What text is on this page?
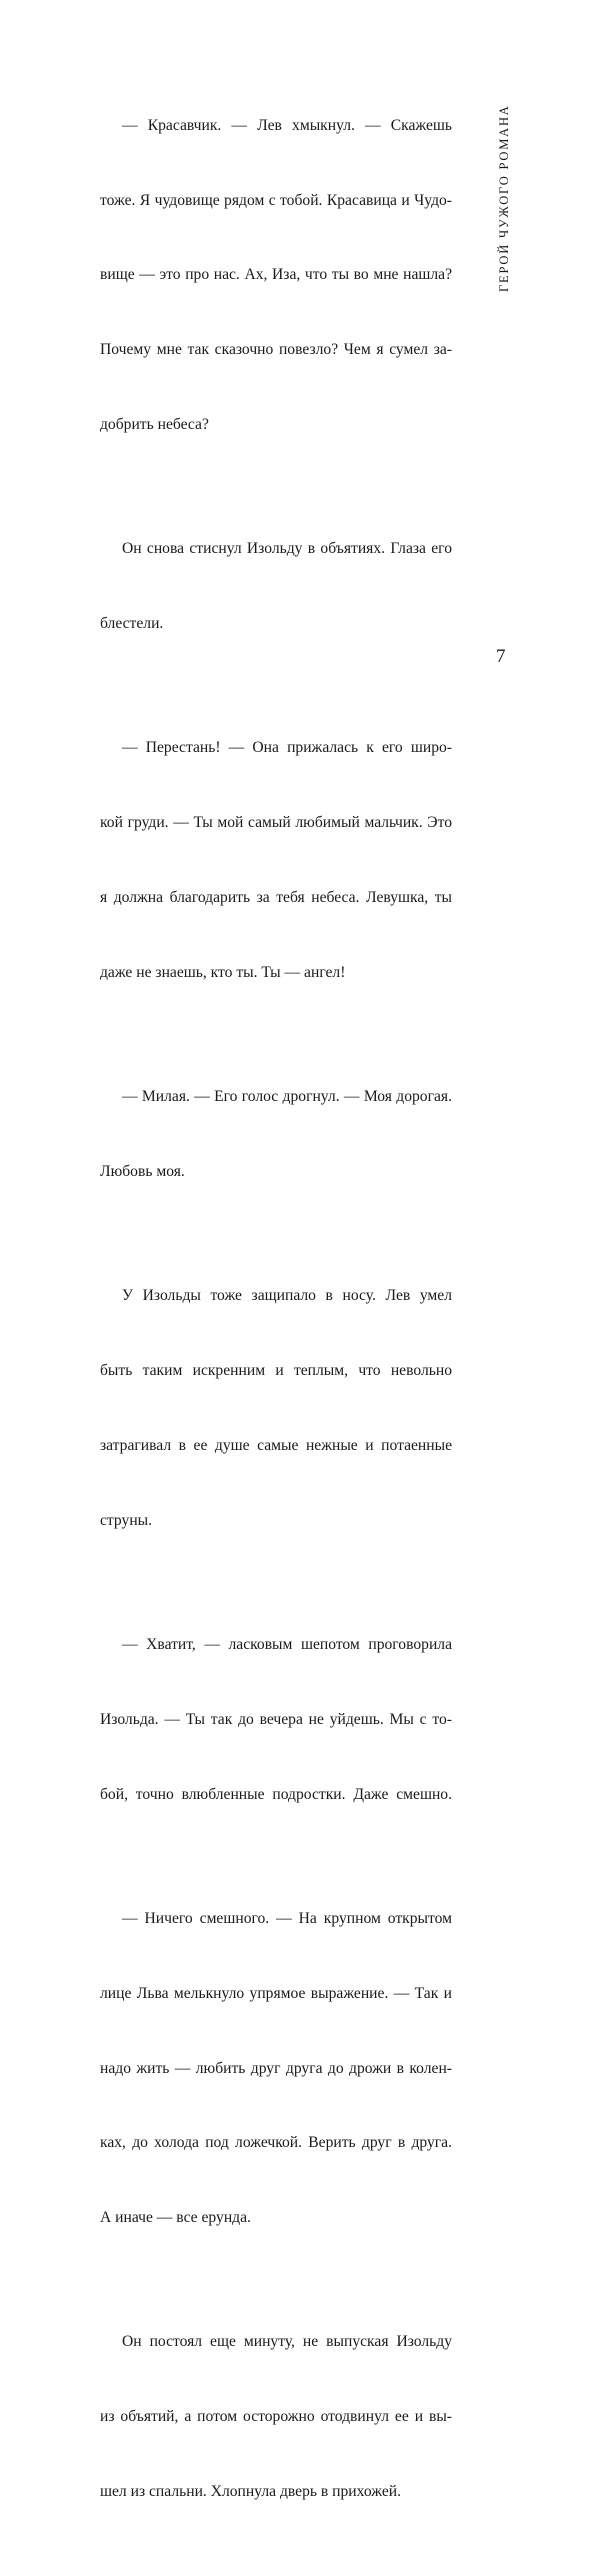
— Красавчик. — Лев хмыкнул. — Скажешь

тоже. Я чудовище рядом с тобой. Красавица и Чудо-

вище — это про нас. Ах, Иза, что ты во мне нашла?

Почему мне так сказочно повезло? Чем я сумел за-

добрить небеса?

Он снова стиснул Изольду в объятиях. Глаза его

блестели.

— Перестань! — Она прижалась к его широ-

кой груди. — Ты мой самый любимый мальчик. Это

я должна благодарить за тебя небеса. Левушка, ты

даже не знаешь, кто ты. Ты — ангел!

— Милая. — Его голос дрогнул. — Моя дорогая.

Любовь моя.

У Изольды тоже защипало в носу. Лев умел

быть таким искренним и теплым, что невольно

затрагивал в ее душе самые нежные и потаенные

струны.

— Хватит, — ласковым шепотом проговорила

Изольда. — Ты так до вечера не уйдешь. Мы с то-

бой, точно влюбленные подростки. Даже смешно.

— Ничего смешного. — На крупном открытом

лице Льва мелькнуло упрямое выражение. — Так и

надо жить — любить друг друга до дрожи в колен-

ках, до холода под ложечкой. Верить друг в друга.

А иначе — все ерунда.

Он постоял еще минуту, не выпуская Изольду

из объятий, а потом осторожно отодвинул ее и вы-

шел из спальни. Хлопнула дверь в прихожей.

ГЕРОЙ ЧУЖОГО РОМАНА
7
